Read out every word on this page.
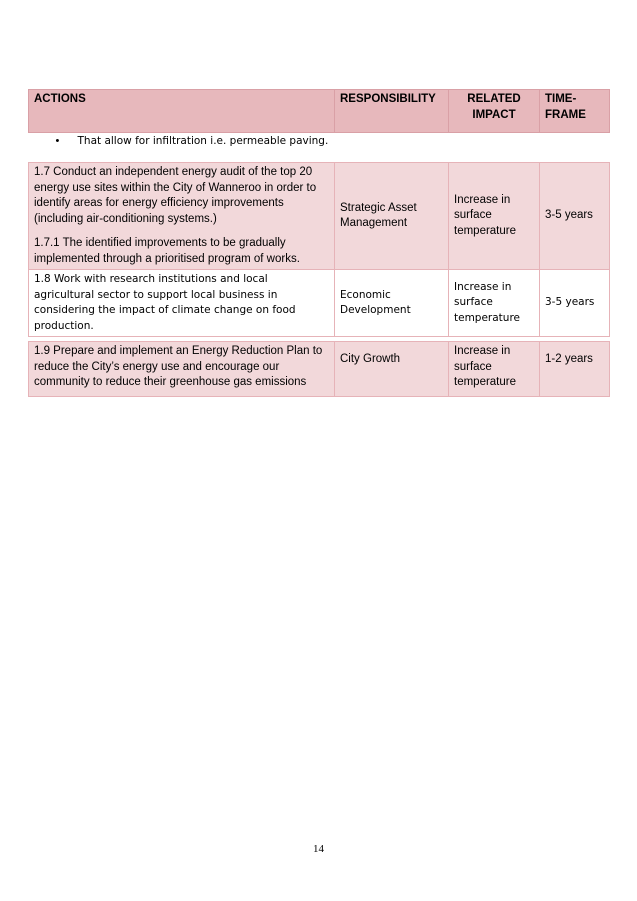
ACTIONS	RESPONSIBILITY	RELATED IMPACT	TIME-FRAME

• That allow for infiltration i.e. permeable paving.			

1.7 Conduct an independent energy audit of the top 20 energy use sites within the City of Wanneroo in order to identify areas for energy efficiency improvements (including air-conditioning systems.)

1.7.1 The identified improvements to be gradually implemented through a prioritised program of works.	Strategic Asset Management	Increase in surface temperature	3-5 years
1.8 Work with research institutions and local agricultural sector to support local business in considering the impact of climate change on food production.	Economic Development	Increase in surface temperature	3-5 years

1.9 Prepare and implement an Energy Reduction Plan to reduce the City’s energy use and encourage our community to reduce their greenhouse gas emissions	City Growth	Increase in surface temperature	1-2 years
14
